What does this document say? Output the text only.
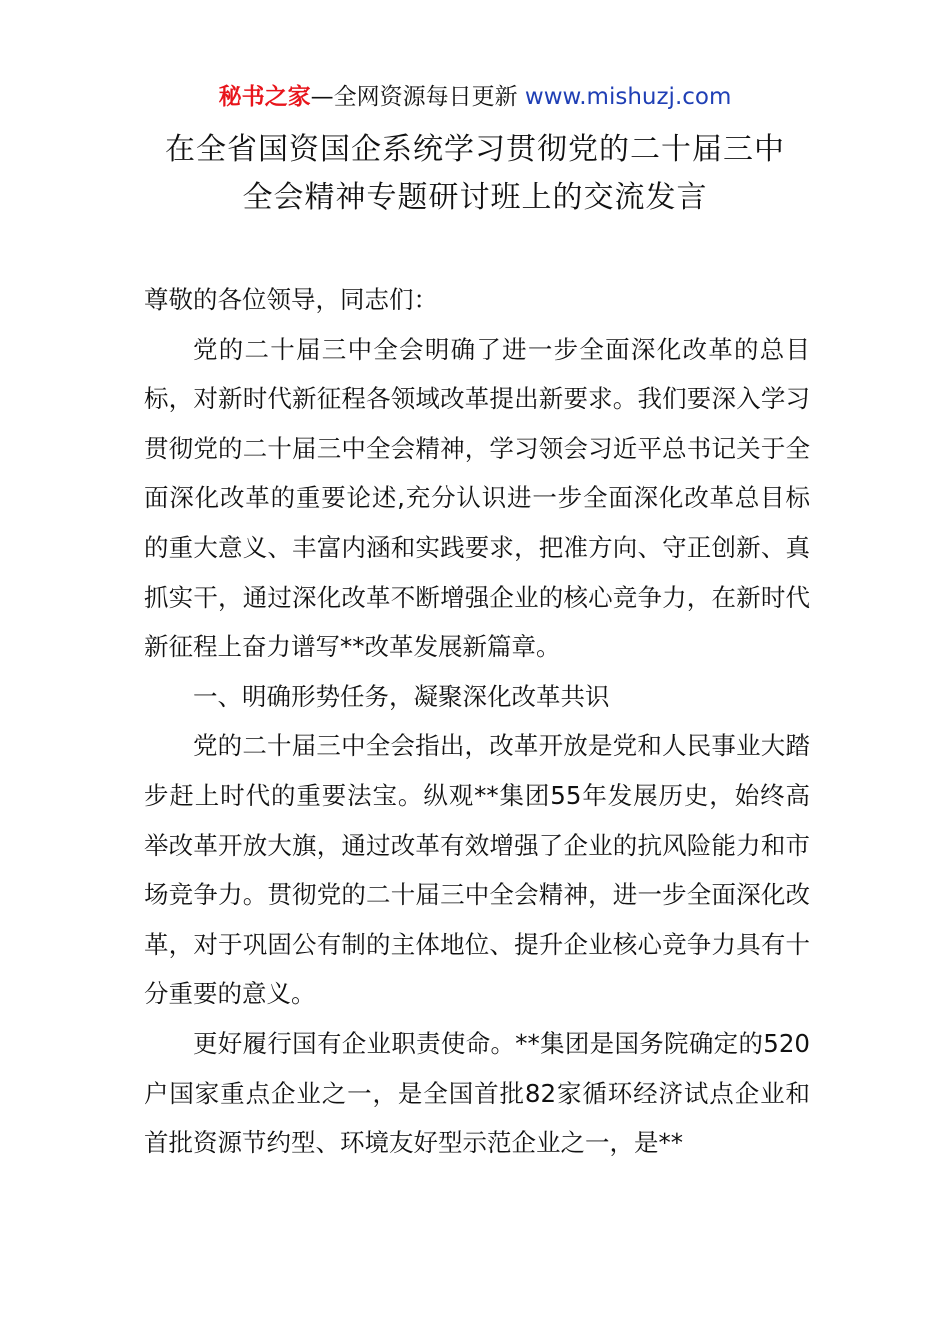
秘书之家—全网资源每日更新 www.mishuzj.com
在全省国资国企系统学习贯彻党的二十届三中
全会精神专题研讨班上的交流发言

尊敬的各位领导，同志们：

党的二十届三中全会明确了进一步全面深化改革的总目标，对新时代新征程各领域改革提出新要求。我们要深入学习贯彻党的二十届三中全会精神，学习领会习近平总书记关于全面深化改革的重要论述,充分认识进一步全面深化改革总目标的重大意义、丰富内涵和实践要求，把准方向、守正创新、真抓实干，通过深化改革不断增强企业的核心竞争力，在新时代新征程上奋力谱写**改革发展新篇章。

一、明确形势任务，凝聚深化改革共识

党的二十届三中全会指出，改革开放是党和人民事业大踏步赶上时代的重要法宝。纵观**集团55年发展历史，始终高举改革开放大旗，通过改革有效增强了企业的抗风险能力和市场竞争力。贯彻党的二十届三中全会精神，进一步全面深化改革，对于巩固公有制的主体地位、提升企业核心竞争力具有十分重要的意义。

更好履行国有企业职责使命。**集团是国务院确定的520户国家重点企业之一，是全国首批82家循环经济试点企业和首批资源节约型、环境友好型示范企业之一，是**
